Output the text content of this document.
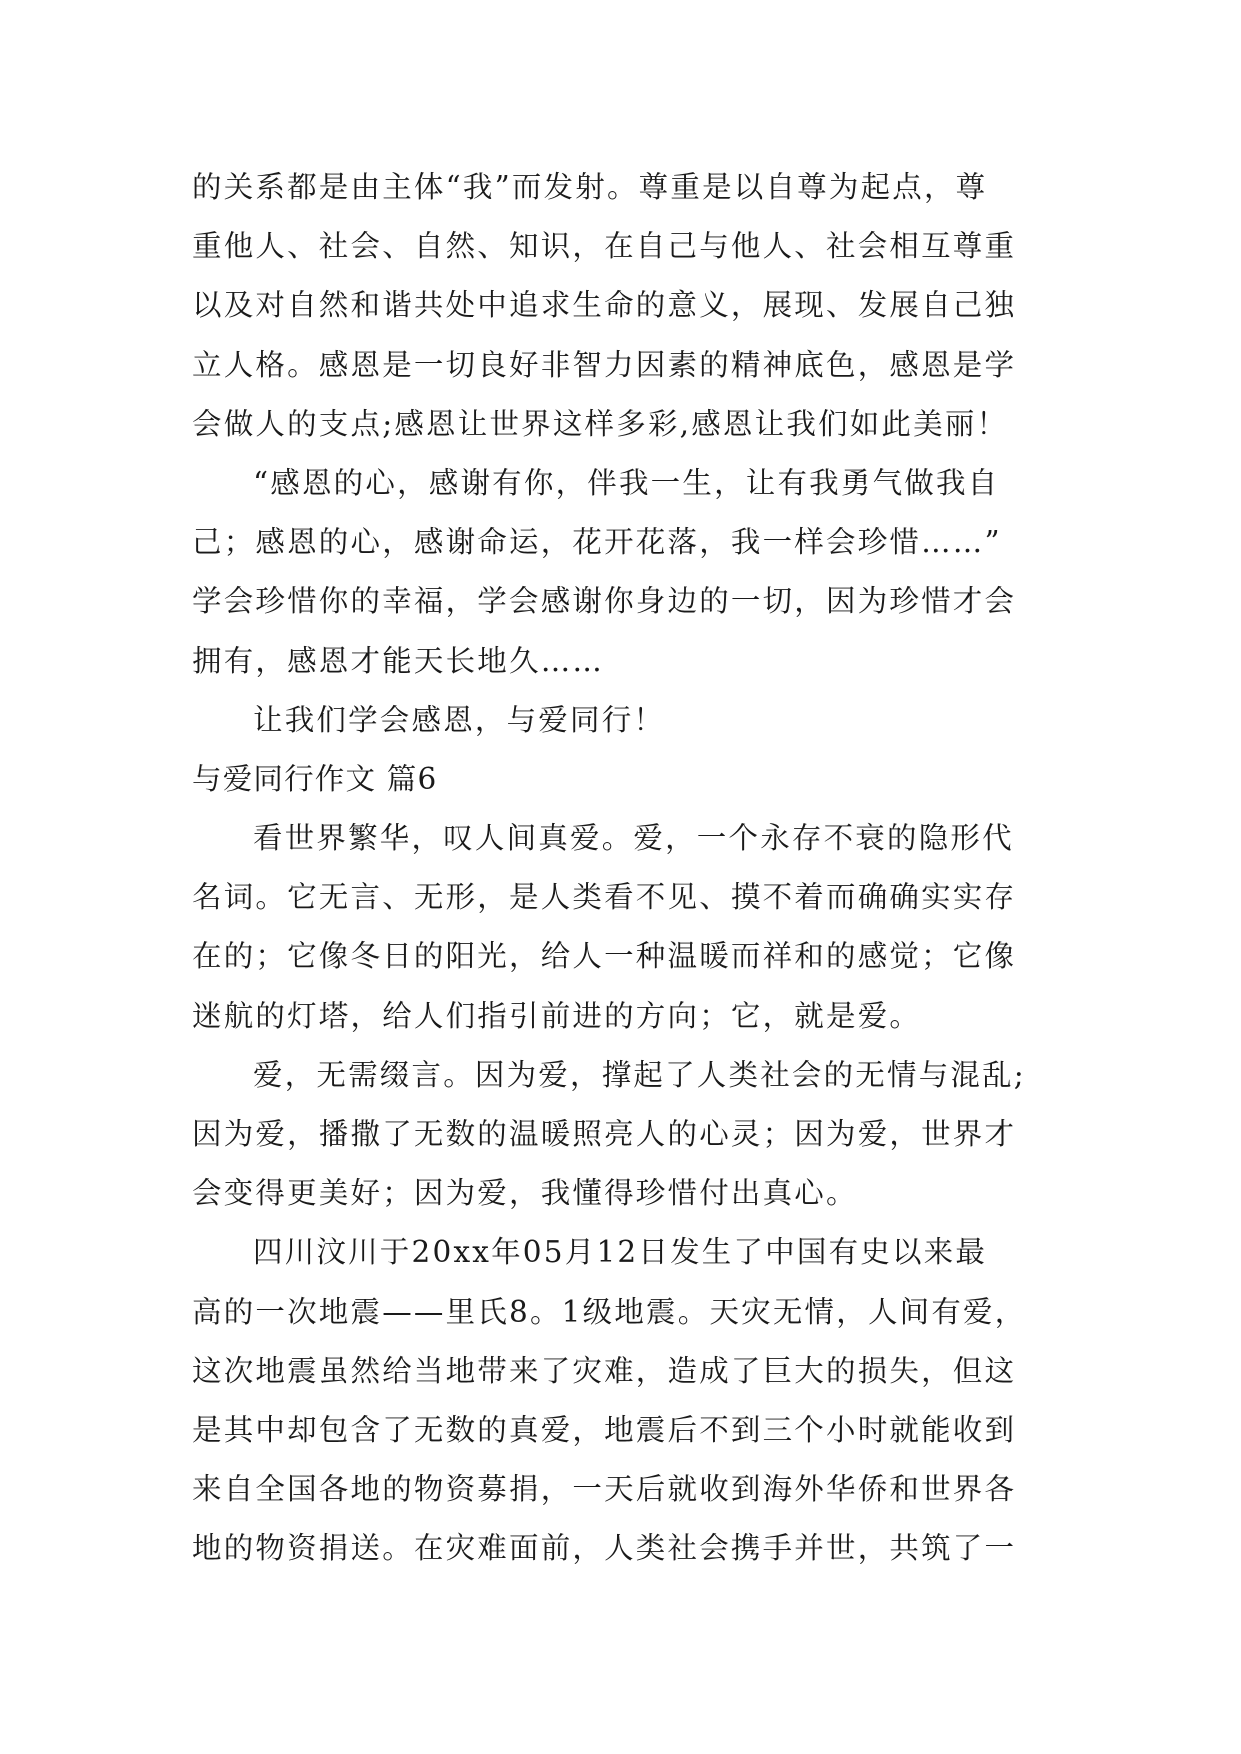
的关系都是由主体“我”而发射。尊重是以自尊为起点，尊
重他人、社会、自然、知识，在自己与他人、社会相互尊重
以及对自然和谐共处中追求生命的意义，展现、发展自己独
立人格。感恩是一切良好非智力因素的精神底色，感恩是学
会做人的支点;感恩让世界这样多彩,感恩让我们如此美丽！
“感恩的心，感谢有你，伴我一生，让有我勇气做我自
己；感恩的心，感谢命运，花开花落，我一样会珍惜……”
学会珍惜你的幸福，学会感谢你身边的一切，因为珍惜才会
拥有，感恩才能天长地久……
让我们学会感恩，与爱同行！
与爱同行作文 篇6
看世界繁华，叹人间真爱。爱，一个永存不衰的隐形代
名词。它无言、无形，是人类看不见、摸不着而确确实实存
在的；它像冬日的阳光，给人一种温暖而祥和的感觉；它像
迷航的灯塔，给人们指引前进的方向；它，就是爱。
爱，无需缀言。因为爱，撑起了人类社会的无情与混乱;
因为爱，播撒了无数的温暖照亮人的心灵；因为爱，世界才
会变得更美好；因为爱，我懂得珍惜付出真心。
四川汶川于20xx年05月12日发生了中国有史以来最
高的一次地震——里氏8。1级地震。天灾无情，人间有爱，
这次地震虽然给当地带来了灾难，造成了巨大的损失，但这
是其中却包含了无数的真爱，地震后不到三个小时就能收到
来自全国各地的物资募捐，一天后就收到海外华侨和世界各
地的物资捐送。在灾难面前，人类社会携手并世，共筑了一
